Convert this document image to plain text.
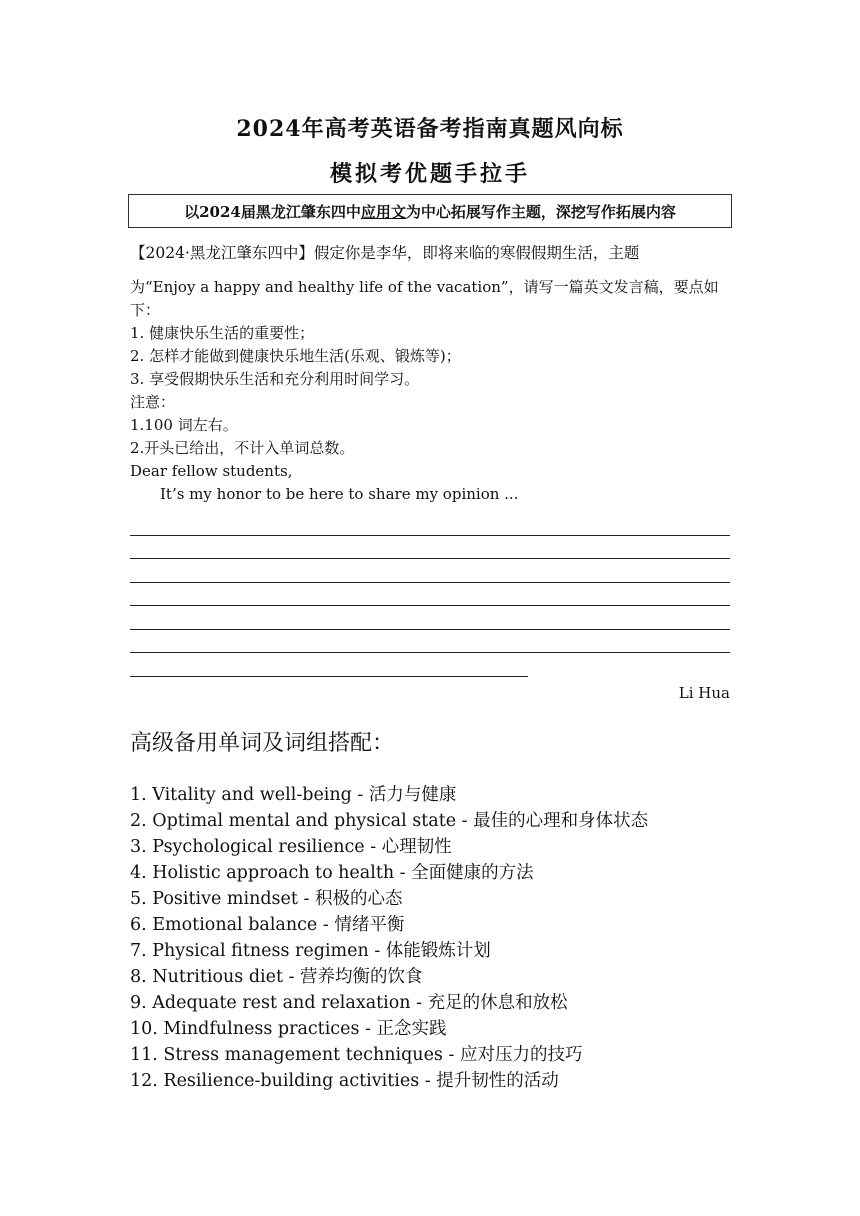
2024年高考英语备考指南真题风向标
模拟考优题手拉手
以2024届黑龙江肇东四中 应用文 为中心拓展写作主题，深挖写作拓展内容
【2024·黑龙江肇东四中】假定你是李华，即将来临的寒假假期生活，主题
为“Enjoy a happy and healthy life of the vacation”，请写一篇英文发言稿，要点如
下：
1. 健康快乐生活的重要性；
2. 怎样才能做到健康快乐地生活(乐观、锻炼等)；
3. 享受假期快乐生活和充分利用时间学习。
注意：
1.100 词左右。
2.开头已给出，不计入单词总数。
Dear fellow students,
It’s my honor to be here to share my opinion ...
Li Hua
高级备用单词及词组搭配：
1. Vitality and well-being - 活力与健康
2. Optimal mental and physical state - 最佳的心理和身体状态
3. Psychological resilience - 心理韧性
4. Holistic approach to health - 全面健康的方法
5. Positive mindset - 积极的心态
6. Emotional balance - 情绪平衡
7. Physical fitness regimen - 体能锻炼计划
8. Nutritious diet - 营养均衡的饮食
9. Adequate rest and relaxation - 充足的休息和放松
10. Mindfulness practices - 正念实践
11. Stress management techniques - 应对压力的技巧
12. Resilience-building activities - 提升韧性的活动
